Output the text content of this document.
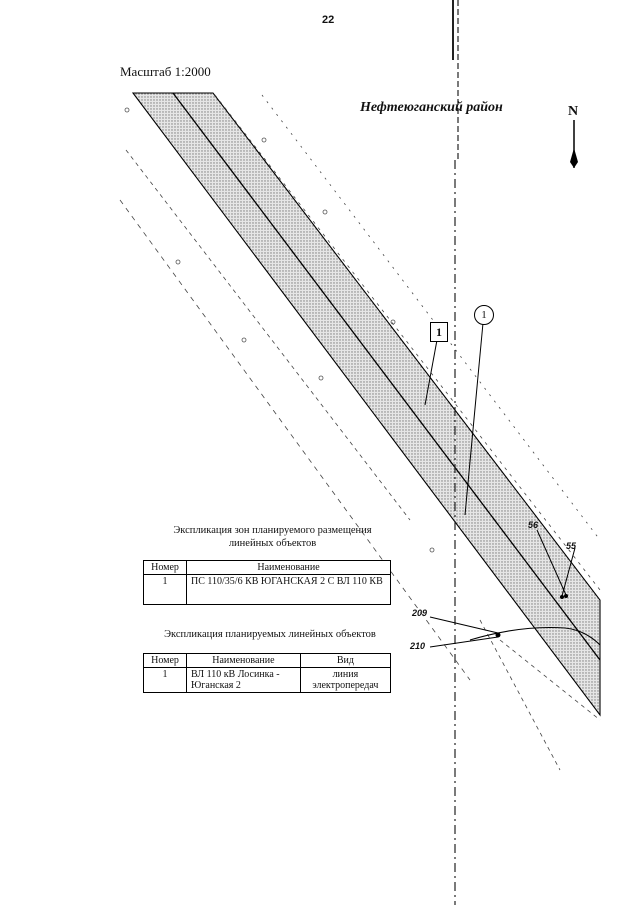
22
Масштаб 1:2000
Нефтеюганский район	N
1
1
56
55
209
210
Экспликация зон планируемого размещения линейных объектов
Номер	Наименование
1	ПС 110/35/6 КВ ЮГАНСКАЯ 2 С ВЛ 110 КВ
Экспликация планируемых линейных объектов
Номер	Наименование	Вид
1	ВЛ 110 кВ Лосинка - Юганская 2	линия электропередач
